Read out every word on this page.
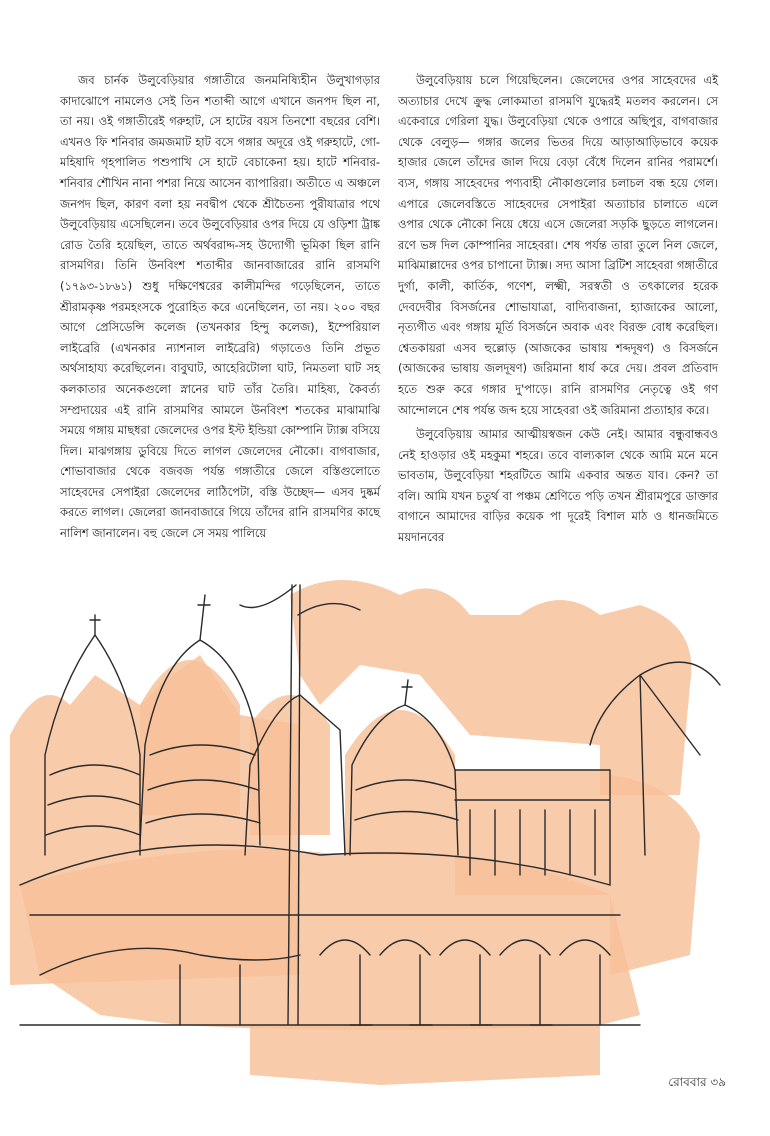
জব চার্নক উলুবেড়িয়ার গঙ্গাতীরে জনমনিষ্যিহীন উলুখাগড়ার কাদাঝোপে নামলেও সেই তিন শতাব্দী আগে এখানে জনপদ ছিল না, তা নয়। ওই গঙ্গাতীরেই গরুহাট, সে হাটের বয়স তিনশো বছরের বেশি। এখনও ফি শনিবার জমজমাট হাট বসে গঙ্গার অদূরে ওই গরুহাটে, গো-মহিষাদি গৃহপালিত পশুপাখি সে হাটে বেচাকেনা হয়। হাটে শনিবার-শনিবার শৌখিন নানা পশরা নিয়ে আসেন ব্যাপারিরা। অতীতে এ অঞ্চলে জনপদ ছিল, কারণ বলা হয় নবদ্বীপ থেকে শ্রীচৈতন্য পুরীযাত্রার পথে উলুবেড়িয়ায় এসেছিলেন। তবে উলুবেড়িয়ার ওপর দিয়ে যে ওড়িশা ট্রাঙ্ক রোড তৈরি হয়েছিল, তাতে অর্থবরাদ্দ-সহ উদ্যোগী ভূমিকা ছিল রানি রাসমণির। তিনি উনবিংশ শতাব্দীর জানবাজারের রানি রাসমণি (১৭৯৩-১৮৬১) শুধু দক্ষিণেশ্বরের কালীমন্দির গড়েছিলেন, তাতে শ্রীরামকৃষ্ণ পরমহংসকে পুরোহিত করে এনেছিলেন, তা নয়। ২০০ বছর আগে প্রেসিডেন্সি কলেজ (তখনকার হিন্দু কলেজ), ইম্পেরিয়াল লাইব্রেরি (এখনকার ন্যাশনাল লাইব্রেরি) গড়াতেও তিনি প্রভূত অর্থসাহায্য করেছিলেন। বাবুঘাট, আহেরিটোলা ঘাট, নিমতলা ঘাট সহ কলকাতার অনেকগুলো স্নানের ঘাট তাঁর তৈরি। মাহিষ্য, কৈবর্ত্য সম্প্রদায়ের এই রানি রাসমণির আমলে উনবিংশ শতকের মাঝামাঝি সময়ে গঙ্গায় মাছধরা জেলেদের ওপর ইস্ট ইন্ডিয়া কোম্পানি ট্যাক্স বসিয়ে দিল। মাঝগঙ্গায় ডুবিয়ে দিতে লাগল জেলেদের নৌকো। বাগবাজার, শোভাবাজার থেকে বজবজ পর্যন্ত গঙ্গাতীরে জেলে বস্তিগুলোতে সাহেবদের সেপাইরা জেলেদের লাঠিপেটা, বস্তি উচ্ছেদ— এসব দুষ্কর্ম করতে লাগল। জেলেরা জানবাজারে গিয়ে তাঁদের রানি রাসমণির কাছে নালিশ জানালেন। বহু জেলে সে সময় পালিয়ে

উলুবেড়িয়ায় চলে গিয়েছিলেন। জেলেদের ওপর সাহেবদের এই অত্যাচার দেখে ক্রুদ্ধ লোকমাতা রাসমণি যুদ্ধেরই মতলব করলেন। সে একেবারে গেরিলা যুদ্ধ। উলুবেড়িয়া থেকে ওপারে অছিপুর, বাগবাজার থেকে বেলুড়— গঙ্গার জলের ভিতর দিয়ে আড়াআড়িভাবে কয়েক হাজার জেলে তাঁদের জাল দিয়ে বেড়া বেঁধে দিলেন রানির পরামর্শে। ব্যস, গঙ্গায় সাহেবদের পণ্যবাহী নৌকাগুলোর চলাচল বন্ধ হয়ে গেল। এপারে জেলেবস্তিতে সাহেবদের সেপাইরা অত্যাচার চালাতে এলে ওপার থেকে নৌকো নিয়ে ধেয়ে এসে জেলেরা সড়কি ছুড়তে লাগলেন। রণে ভঙ্গ দিল কোম্পানির সাহেবরা। শেষ পর্যন্ত তারা তুলে নিল জেলে, মাঝিমাল্লাদের ওপর চাপানো ট্যাক্স। সদ্য আসা ব্রিটিশ সাহেবরা গঙ্গাতীরে দুর্গা, কালী, কার্তিক, গণেশ, লক্ষ্মী, সরস্বতী ও তৎকালের হরেক দেবদেবীর বিসর্জনের শোভাযাত্রা, বাদ্যিবাজনা, হ্যাজাকের আলো, নৃত্যগীত এবং গঙ্গায় মূর্তি বিসর্জনে অবাক এবং বিরক্ত বোধ করেছিল। শ্বেতকায়রা এসব হুল্লোড় (আজকের ভাষায় শব্দদূষণ) ও বিসর্জনে (আজকের ভাষায় জলদূষণ) জরিমানা ধার্য করে দেয়। প্রবল প্রতিবাদ হতে শুরু করে গঙ্গার দু'পাড়ে। রানি রাসমণির নেতৃত্বে ওই গণ আন্দোলনে শেষ পর্যন্ত জব্দ হয়ে সাহেবরা ওই জরিমানা প্রত্যাহার করে।

উলুবেড়িয়ায় আমার আত্মীয়স্বজন কেউ নেই। আমার বন্ধুবান্ধবও নেই হাওড়ার ওই মহকুমা শহরে। তবে বাল্যকাল থেকে আমি মনে মনে ভাবতাম, উলুবেড়িয়া শহরটিতে আমি একবার অন্তত যাব। কেন? তা বলি। আমি যখন চতুর্থ বা পঞ্চম শ্রেণিতে পড়ি তখন শ্রীরামপুরে ডাক্তার বাগানে আমাদের বাড়ির কয়েক পা দূরেই বিশাল মাঠ ও ধানজমিতে ময়দানবের

রোববার ৩৯
